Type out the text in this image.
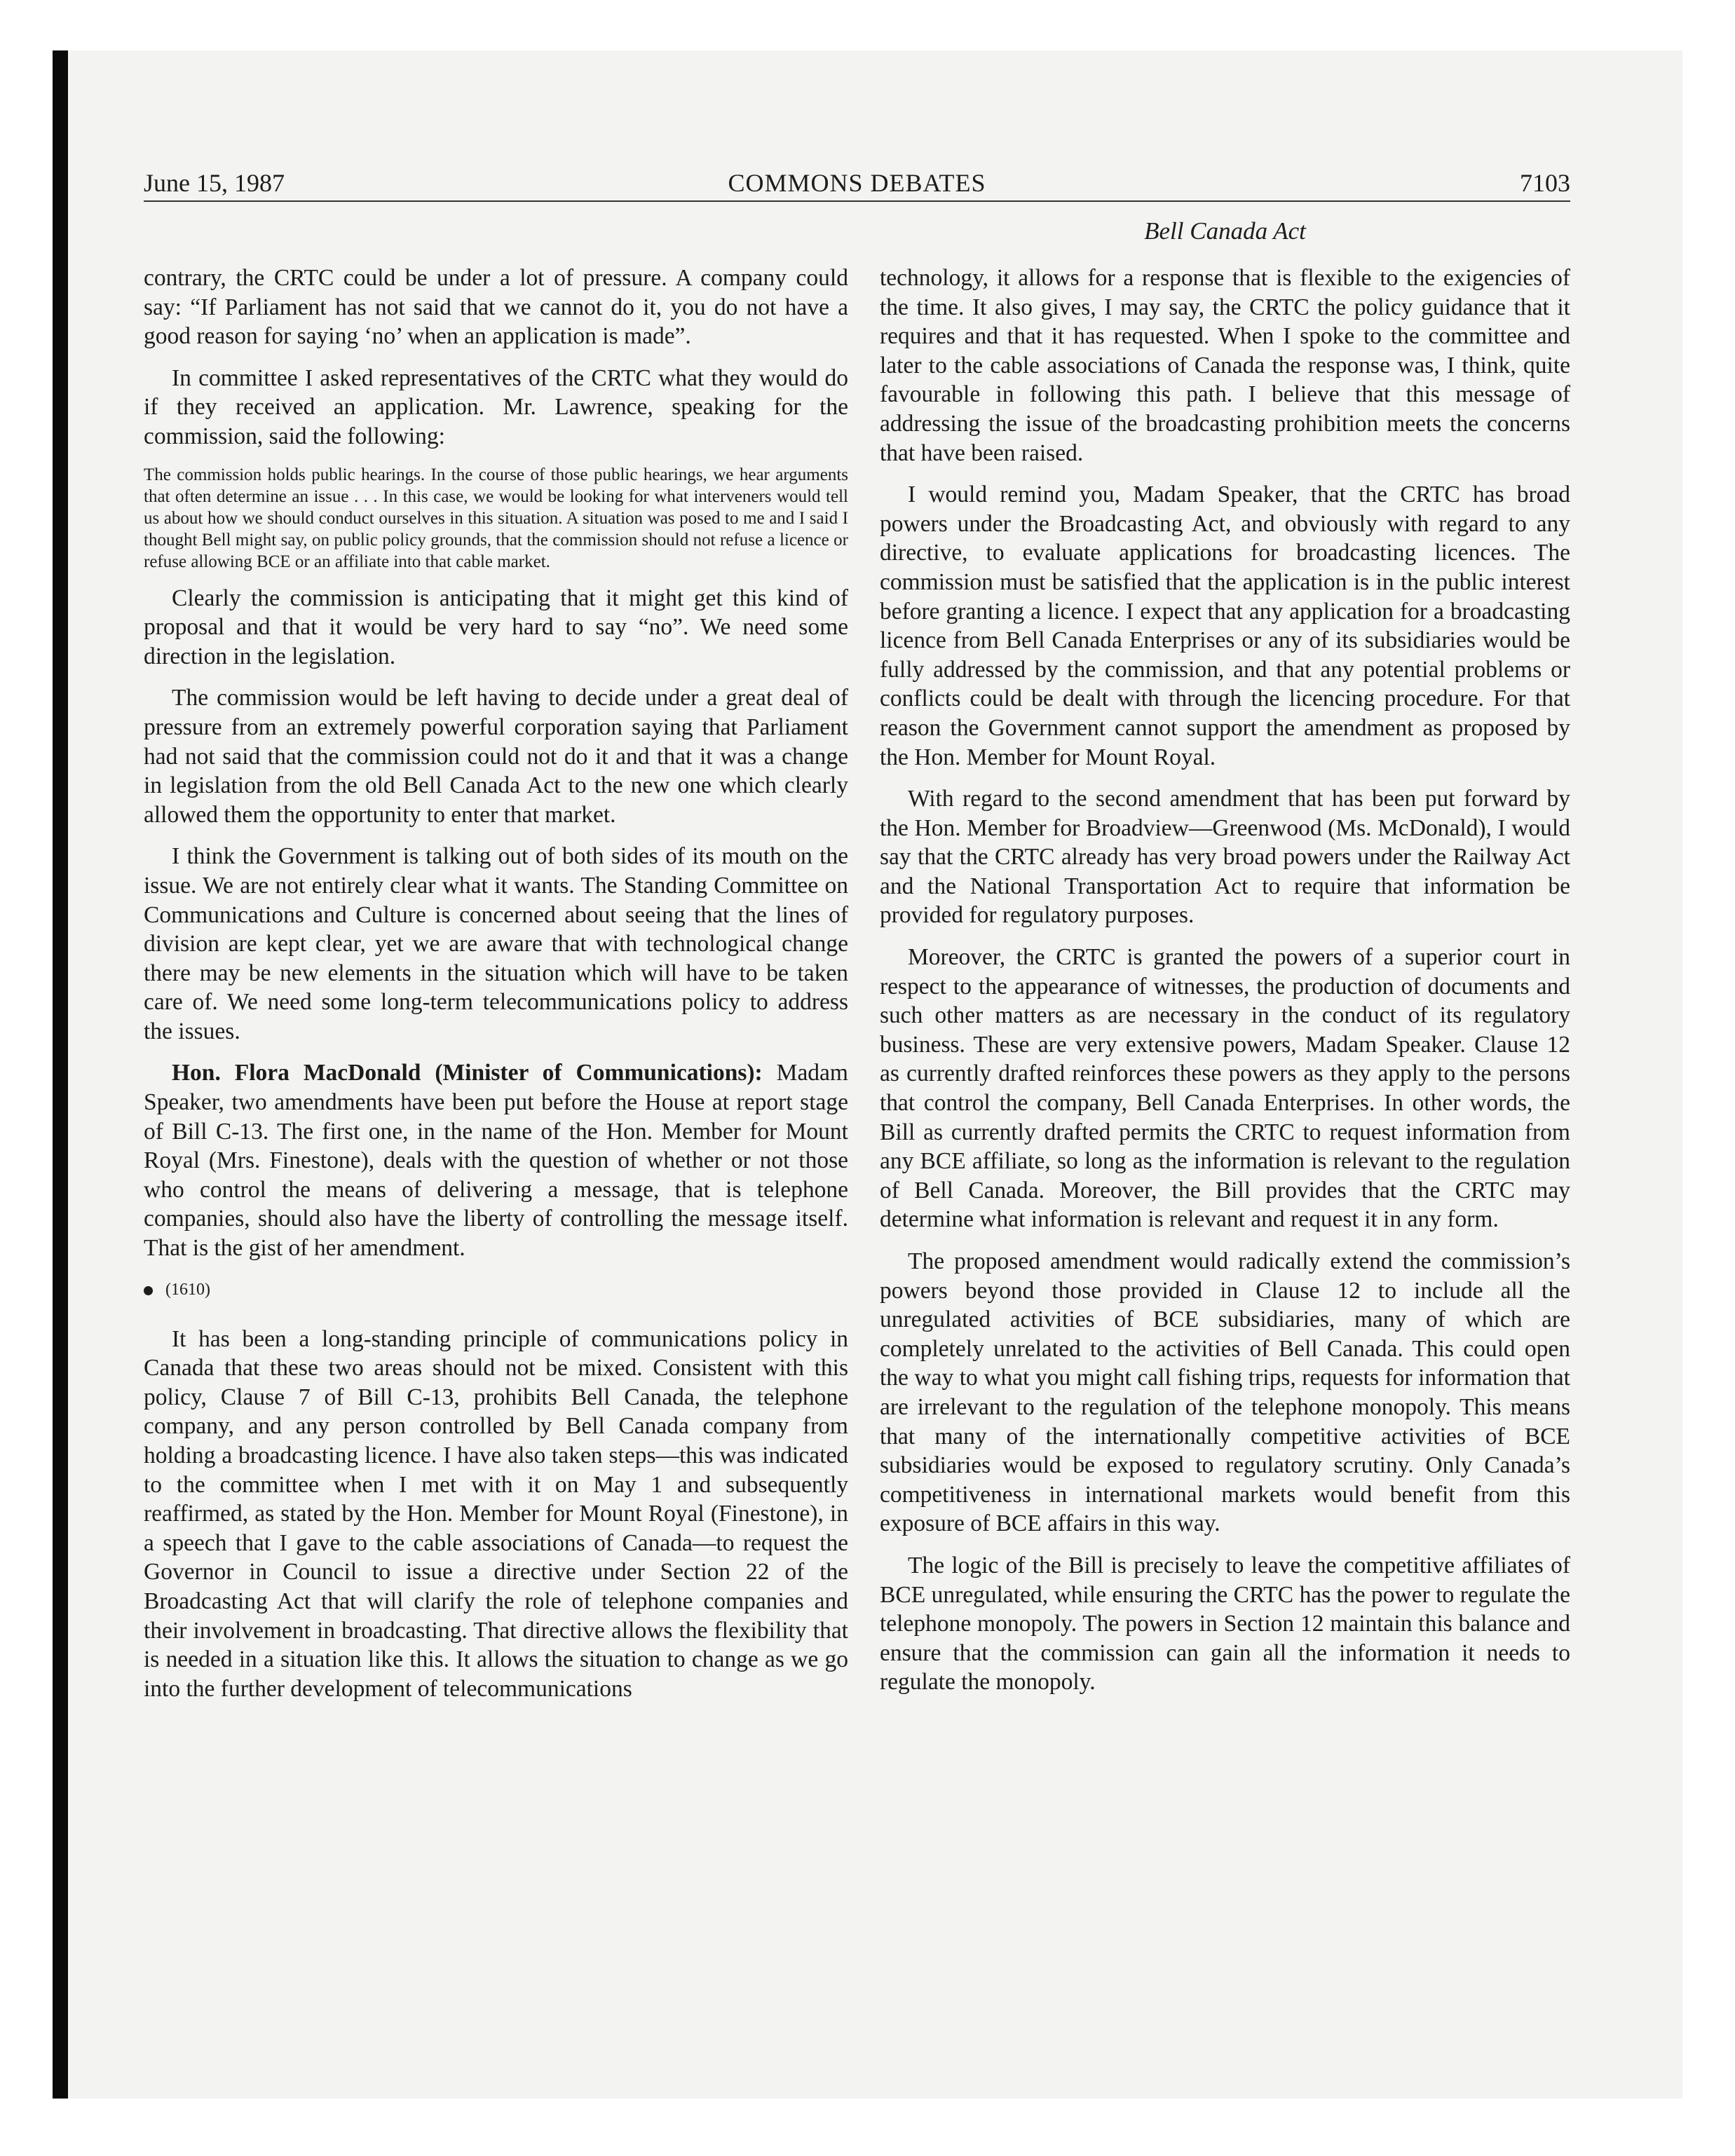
June 15, 1987	COMMONS DEBATES	7103
Bell Canada Act

contrary, the CRTC could be under a lot of pressure. A company could say: “If Parliament has not said that we cannot do it, you do not have a good reason for saying ‘no’ when an application is made”.

In committee I asked representatives of the CRTC what they would do if they received an application. Mr. Lawrence, speaking for the commission, said the following:

The commission holds public hearings. In the course of those public hearings, we hear arguments that often determine an issue . . . In this case, we would be looking for what interveners would tell us about how we should conduct ourselves in this situation. A situation was posed to me and I said I thought Bell might say, on public policy grounds, that the commission should not refuse a licence or refuse allowing BCE or an affiliate into that cable market.

Clearly the commission is anticipating that it might get this kind of proposal and that it would be very hard to say “no”. We need some direction in the legislation.

The commission would be left having to decide under a great deal of pressure from an extremely powerful corporation saying that Parliament had not said that the commission could not do it and that it was a change in legislation from the old Bell Canada Act to the new one which clearly allowed them the opportunity to enter that market.

I think the Government is talking out of both sides of its mouth on the issue. We are not entirely clear what it wants. The Standing Committee on Communications and Culture is concerned about seeing that the lines of division are kept clear, yet we are aware that with technological change there may be new elements in the situation which will have to be taken care of. We need some long-term telecommunications policy to address the issues.

Hon. Flora MacDonald (Minister of Communications): Madam Speaker, two amendments have been put before the House at report stage of Bill C-13. The first one, in the name of the Hon. Member for Mount Royal (Mrs. Finestone), deals with the question of whether or not those who control the means of delivering a message, that is telephone companies, should also have the liberty of controlling the message itself. That is the gist of her amendment.

(1610)

It has been a long-standing principle of communications policy in Canada that these two areas should not be mixed. Consistent with this policy, Clause 7 of Bill C-13, prohibits Bell Canada, the telephone company, and any person controlled by Bell Canada company from holding a broadcasting licence. I have also taken steps—this was indicated to the committee when I met with it on May 1 and subsequently reaffirmed, as stated by the Hon. Member for Mount Royal (Finestone), in a speech that I gave to the cable associations of Canada—to request the Governor in Council to issue a directive under Section 22 of the Broadcasting Act that will clarify the role of telephone companies and their involvement in broadcasting. That directive allows the flexibility that is needed in a situation like this. It allows the situation to change as we go into the further development of telecommunications

technology, it allows for a response that is flexible to the exigencies of the time. It also gives, I may say, the CRTC the policy guidance that it requires and that it has requested. When I spoke to the committee and later to the cable associations of Canada the response was, I think, quite favourable in following this path. I believe that this message of addressing the issue of the broadcasting prohibition meets the concerns that have been raised.

I would remind you, Madam Speaker, that the CRTC has broad powers under the Broadcasting Act, and obviously with regard to any directive, to evaluate applications for broadcasting licences. The commission must be satisfied that the application is in the public interest before granting a licence. I expect that any application for a broadcasting licence from Bell Canada Enterprises or any of its subsidiaries would be fully addressed by the commission, and that any potential problems or conflicts could be dealt with through the licencing procedure. For that reason the Government cannot support the amendment as proposed by the Hon. Member for Mount Royal.

With regard to the second amendment that has been put forward by the Hon. Member for Broadview—Greenwood (Ms. McDonald), I would say that the CRTC already has very broad powers under the Railway Act and the National Transportation Act to require that information be provided for regulatory purposes.

Moreover, the CRTC is granted the powers of a superior court in respect to the appearance of witnesses, the production of documents and such other matters as are necessary in the conduct of its regulatory business. These are very extensive powers, Madam Speaker. Clause 12 as currently drafted reinforces these powers as they apply to the persons that control the company, Bell Canada Enterprises. In other words, the Bill as currently drafted permits the CRTC to request information from any BCE affiliate, so long as the information is relevant to the regulation of Bell Canada. Moreover, the Bill provides that the CRTC may determine what information is relevant and request it in any form.

The proposed amendment would radically extend the commission’s powers beyond those provided in Clause 12 to include all the unregulated activities of BCE subsidiaries, many of which are completely unrelated to the activities of Bell Canada. This could open the way to what you might call fishing trips, requests for information that are irrelevant to the regulation of the telephone monopoly. This means that many of the internationally competitive activities of BCE subsidiaries would be exposed to regulatory scrutiny. Only Canada’s competitiveness in international markets would benefit from this exposure of BCE affairs in this way.

The logic of the Bill is precisely to leave the competitive affiliates of BCE unregulated, while ensuring the CRTC has the power to regulate the telephone monopoly. The powers in Section 12 maintain this balance and ensure that the commission can gain all the information it needs to regulate the monopoly.
